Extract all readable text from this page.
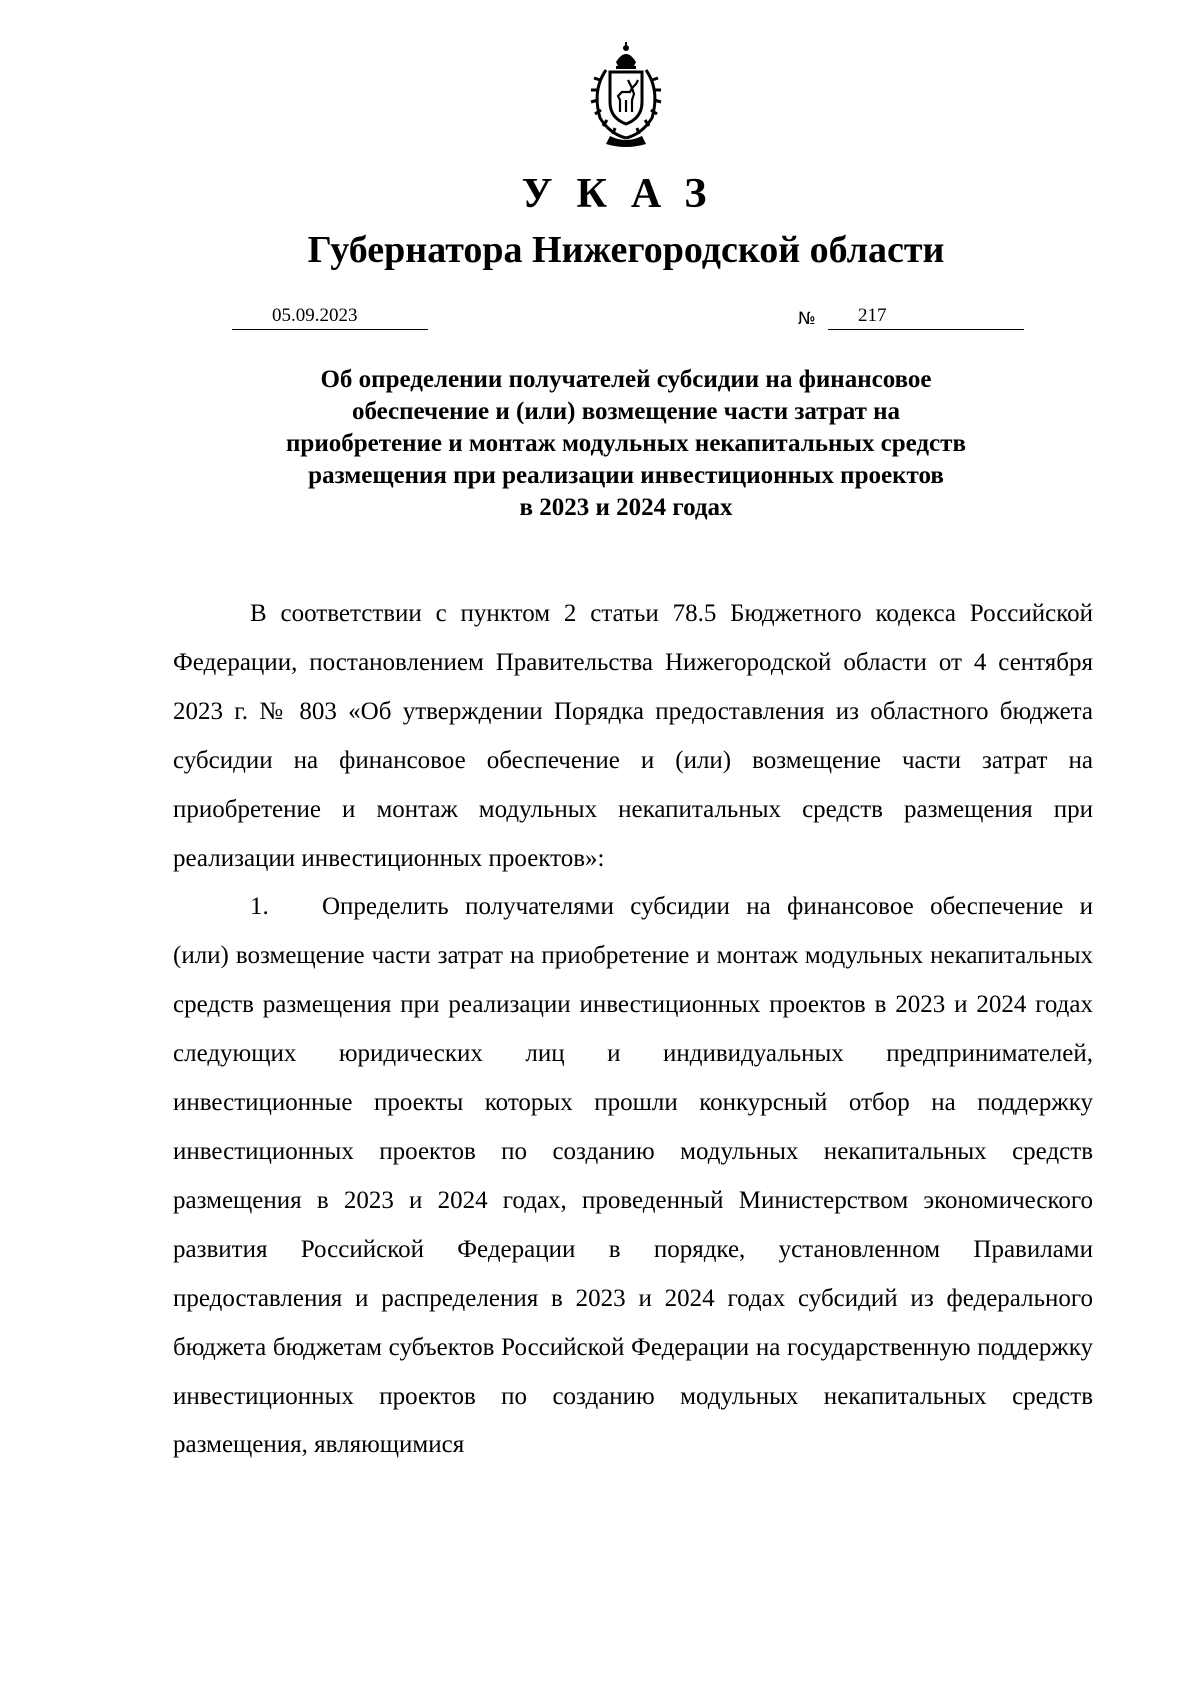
УКАЗ
Губернатора Нижегородской области
05.09.2023	№	217
Об определении получателей субсидии на финансовое
обеспечение и (или) возмещение части затрат на
приобретение и монтаж модульных некапитальных средств
размещения при реализации инвестиционных проектов
в 2023 и 2024 годах

В соответствии с пунктом 2 статьи 78.5 Бюджетного кодекса Российской Федерации, постановлением Правительства Нижегородской области от 4 сентября 2023 г. № 803 «Об утверждении Порядка предоставления из областного бюджета субсидии на финансовое обеспечение и (или) возмещение части затрат на приобретение и монтаж модульных некапитальных средств размещения при реализации инвестиционных проектов»:

1. Определить получателями субсидии на финансовое обеспечение и (или) возмещение части затрат на приобретение и монтаж модульных некапитальных средств размещения при реализации инвестиционных проектов в 2023 и 2024 годах следующих юридических лиц и индивидуальных предпринимателей, инвестиционные проекты которых прошли конкурсный отбор на поддержку инвестиционных проектов по созданию модульных некапитальных средств размещения в 2023 и 2024 годах, проведенный Министерством экономического развития Российской Федерации в порядке, установленном Правилами предоставления и распределения в 2023 и 2024 годах субсидий из федерального бюджета бюджетам субъектов Российской Федерации на государственную поддержку инвестиционных проектов по созданию модульных некапитальных средств размещения, являющимися
